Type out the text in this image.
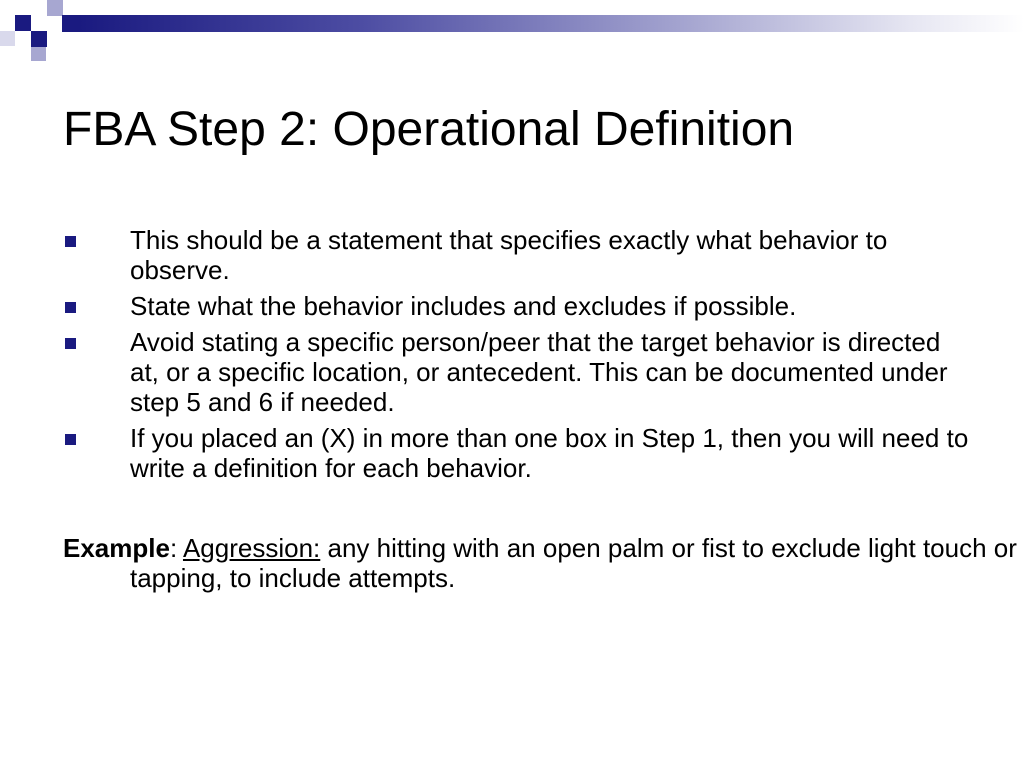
FBA Step 2: Operational Definition
This should be a statement that specifies exactly what behavior to observe.
State what the behavior includes and excludes if possible.
Avoid stating a specific person/peer that the target behavior is directed at, or a specific location, or antecedent. This can be documented under step 5 and 6 if needed.
If you placed an (X) in more than one box in Step 1, then you will need to write a definition for each behavior.

Example: Aggression: any hitting with an open palm or fist to exclude light touch or tapping, to include attempts.
